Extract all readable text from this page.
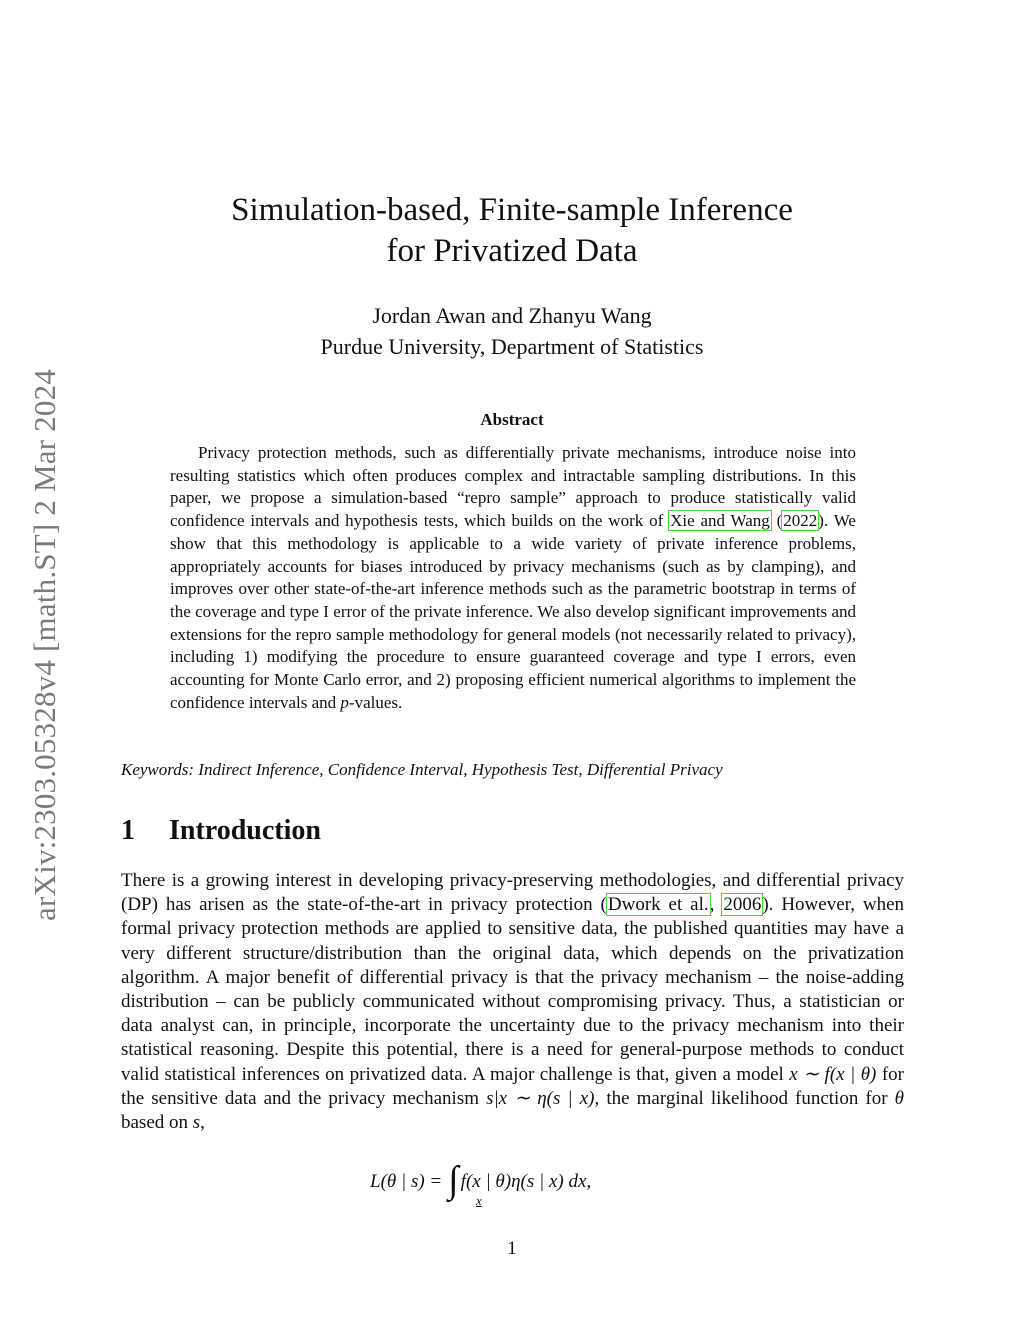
arXiv:2303.05328v4 [math.ST] 2 Mar 2024
Simulation-based, Finite-sample Inference
for Privatized Data
Jordan Awan and Zhanyu Wang
Purdue University, Department of Statistics
Abstract
Privacy protection methods, such as differentially private mechanisms, introduce noise into resulting statistics which often produces complex and intractable sampling distributions. In this paper, we propose a simulation-based “repro sample” approach to produce statistically valid confidence intervals and hypothesis tests, which builds on the work of Xie and Wang (2022). We show that this methodology is applicable to a wide variety of private inference problems, appropriately accounts for biases introduced by privacy mechanisms (such as by clamping), and improves over other state-of-the-art inference methods such as the parametric bootstrap in terms of the coverage and type I error of the private inference. We also develop significant improvements and extensions for the repro sample methodology for general models (not necessarily related to privacy), including 1) modifying the procedure to ensure guaranteed coverage and type I errors, even accounting for Monte Carlo error, and 2) proposing efficient numerical algorithms to implement the confidence intervals and p-values.
Keywords: Indirect Inference, Confidence Interval, Hypothesis Test, Differential Privacy
1 Introduction
There is a growing interest in developing privacy-preserving methodologies, and differential privacy (DP) has arisen as the state-of-the-art in privacy protection (Dwork et al., 2006). However, when formal privacy protection methods are applied to sensitive data, the published quantities may have a very different structure/distribution than the original data, which depends on the privatization algorithm. A major benefit of differential privacy is that the privacy mechanism – the noise-adding distribution – can be publicly communicated without compromising privacy. Thus, a statistician or data analyst can, in principle, incorporate the uncertainty due to the privacy mechanism into their statistical reasoning. Despite this potential, there is a need for general-purpose methods to conduct valid statistical inferences on privatized data. A major challenge is that, given a model x ∼ f(x | θ) for the sensitive data and the privacy mechanism s|x ∼ η(s | x), the marginal likelihood function for θ based on s,
L(θ | s) = ∫ f(x | θ)η(s | x) dx,
x
1
